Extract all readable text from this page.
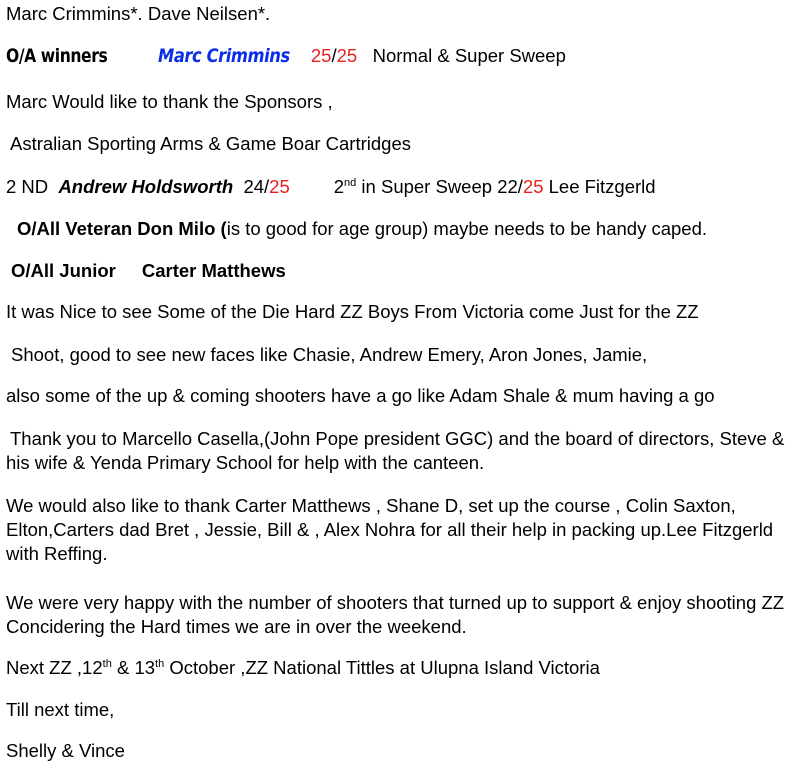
Marc Crimmins*. Dave Neilsen*.
O/A winners	Marc Crimmins 25/25 Normal & Super Sweep
Marc Would like to thank the Sponsors ,
Astralian Sporting Arms & Game Boar Cartridges
2 ND Andrew Holdsworth 24/25 2nd in Super Sweep 22/25 Lee Fitzgerld
O/All Veteran Don Milo (is to good for age group) maybe needs to be handy caped.
O/All Junior Carter Matthews
It was Nice to see Some of the Die Hard ZZ Boys From Victoria come Just for the ZZ
Shoot, good to see new faces like Chasie, Andrew Emery, Aron Jones, Jamie,
also some of the up & coming shooters have a go like Adam Shale & mum having a go
Thank you to Marcello Casella,(John Pope president GGC) and the board of directors, Steve & his wife & Yenda Primary School for help with the canteen.
We would also like to thank Carter Matthews , Shane D, set up the course , Colin Saxton, Elton,Carters dad Bret , Jessie, Bill & , Alex Nohra for all their help in packing up.Lee Fitzgerld with Reffing.
We were very happy with the number of shooters that turned up to support & enjoy shooting ZZ Concidering the Hard times we are in over the weekend.
Next ZZ ,12th & 13th October ,ZZ National Tittles at Ulupna Island Victoria
Till next time,
Shelly & Vince
